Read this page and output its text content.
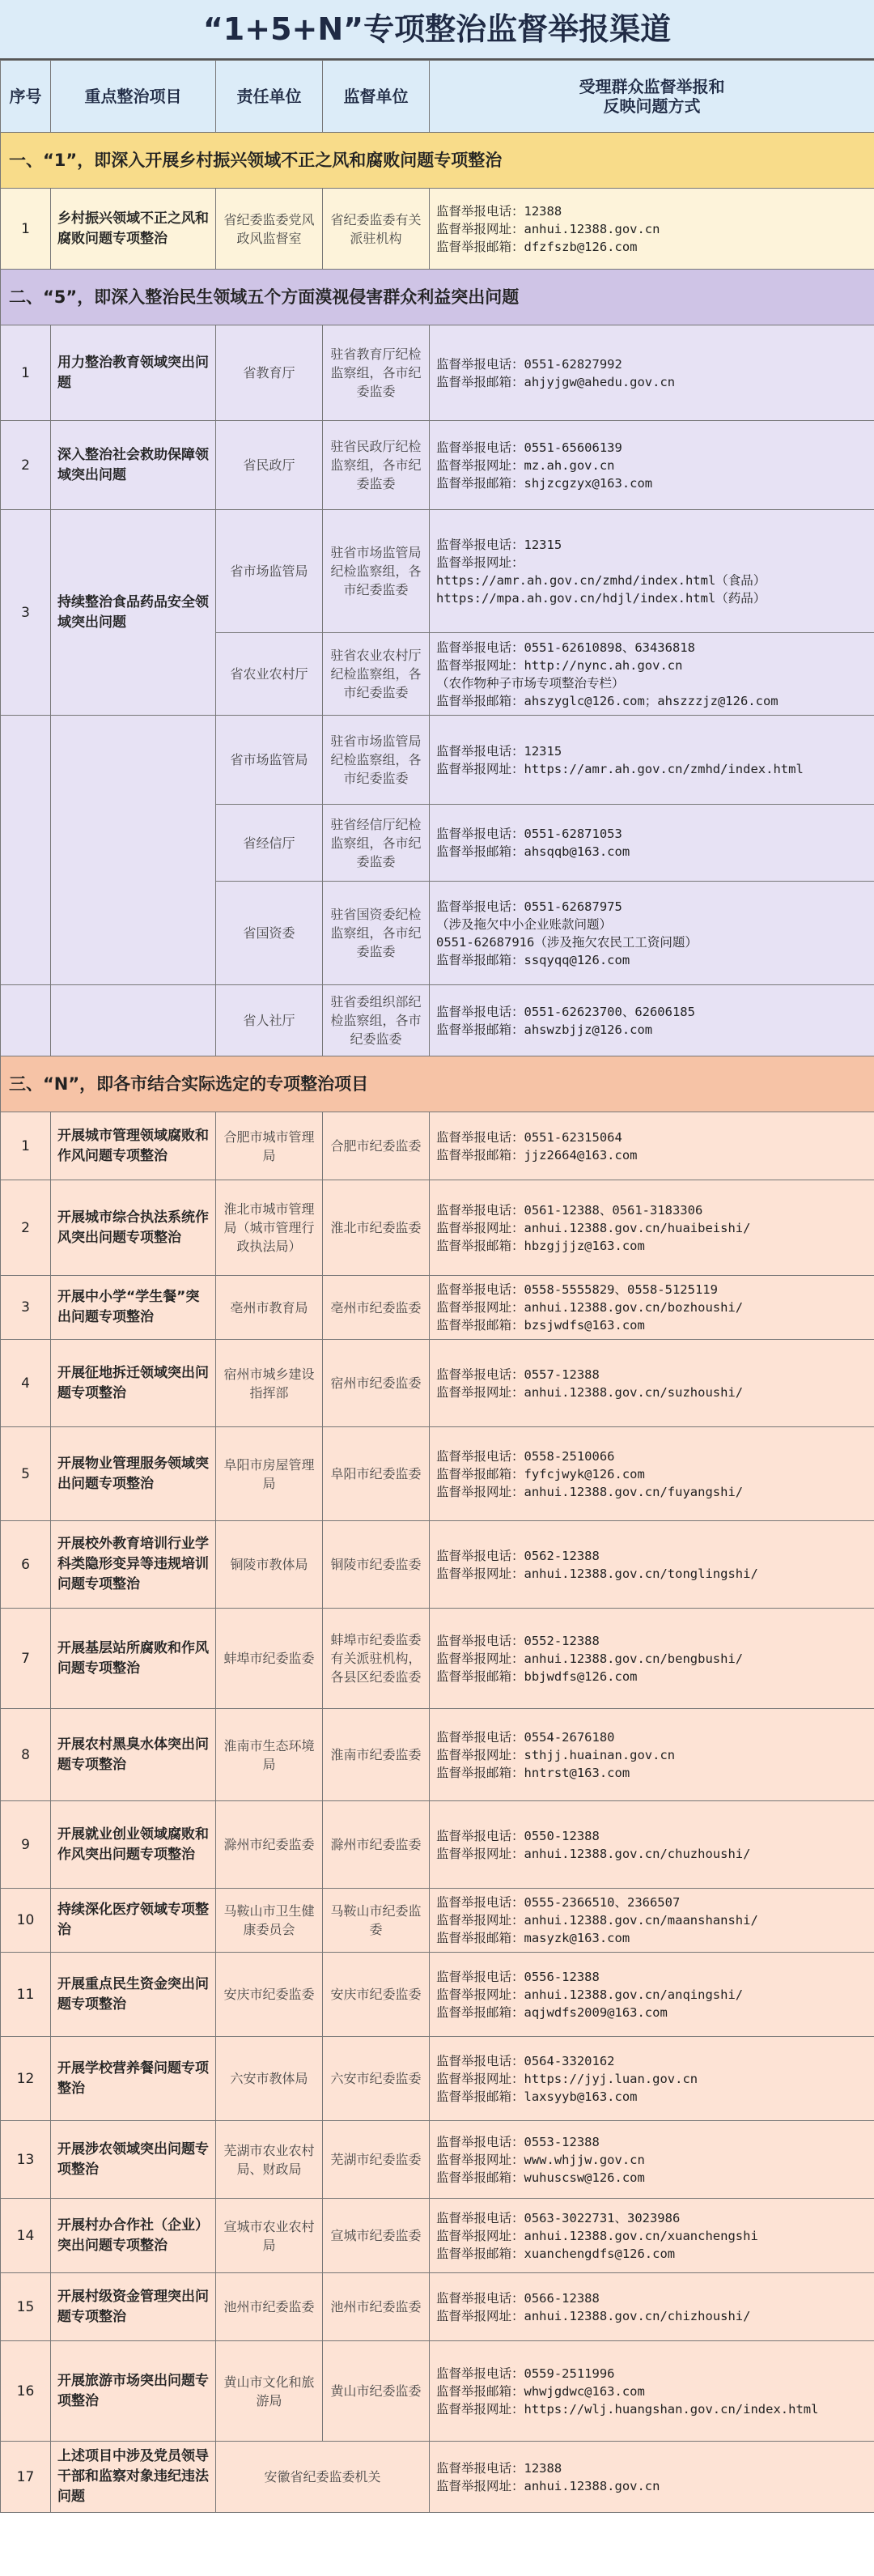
“1+5+N”专项整治监督举报渠道
序号	重点整治项目	责任单位	监督单位	受理群众监督举报和
反映问题方式
一、“1”，即深入开展乡村振兴领域不正之风和腐败问题专项整治				
1	乡村振兴领域不正之风和腐败问题专项整治	省纪委监委党风政风监督室	省纪委监委有关派驻机构	监督举报电话：12388
监督举报网址：anhui.12388.gov.cn
监督举报邮箱：dfzfszb@126.com

二、“5”，即深入整治民生领域五个方面漠视侵害群众利益突出问题				
1	用力整治教育领域突出问题	省教育厅	驻省教育厅纪检监察组，各市纪委监委	监督举报电话：0551-62827992
监督举报邮箱：ahjyjgw@ahedu.gov.cn

2	深入整治社会救助保障领域突出问题	省民政厅	驻省民政厅纪检监察组，各市纪委监委	监督举报电话：0551-65606139
监督举报网址：mz.ah.gov.cn
监督举报邮箱：shjzcgzyx@163.com

3	持续整治食品药品安全领域突出问题	省市场监管局	驻省市场监管局纪检监察组，各市纪委监委	监督举报电话：12315
监督举报网址：
https://amr.ah.gov.cn/zmhd/index.html（食品）
https://mpa.ah.gov.cn/hdjl/index.html（药品）

		省农业农村厅	驻省农业农村厅纪检监察组，各市纪委监委	监督举报电话：0551-62610898、63436818
监督举报网址：http://nync.ah.gov.cn
（农作物种子市场专项整治专栏）
监督举报邮箱：ahszyglc@126.com；ahszzzjz@126.com

		省市场监管局	驻省市场监管局纪检监察组，各市纪委监委	监督举报电话：12315
监督举报网址：https://amr.ah.gov.cn/zmhd/index.html

		省经信厅	驻省经信厅纪检监察组，各市纪委监委	监督举报电话：0551-62871053
监督举报邮箱：ahsqqb@163.com

		省国资委	驻省国资委纪检监察组，各市纪委监委	监督举报电话：0551-62687975
（涉及拖欠中小企业账款问题）
0551-62687916（涉及拖欠农民工工资问题）
监督举报邮箱：ssqyqq@126.com

		省人社厅	驻省委组织部纪检监察组，各市纪委监委	监督举报电话：0551-62623700、62606185
监督举报邮箱：ahswzbjjz@126.com

三、“N”，即各市结合实际选定的专项整治项目				
1	开展城市管理领域腐败和作风问题专项整治	合肥市城市管理局	合肥市纪委监委	监督举报电话：0551-62315064
监督举报邮箱：jjz2664@163.com

2	开展城市综合执法系统作风突出问题专项整治	淮北市城市管理局（城市管理行政执法局）	淮北市纪委监委	监督举报电话：0561-12388、0561-3183306
监督举报网址：anhui.12388.gov.cn/huaibeishi/
监督举报邮箱：hbzgjjjz@163.com

3	开展中小学“学生餐”突出问题专项整治	亳州市教育局	亳州市纪委监委	监督举报电话：0558-5555829、0558-5125119
监督举报网址：anhui.12388.gov.cn/bozhoushi/
监督举报邮箱：bzsjwdfs@163.com

4	开展征地拆迁领域突出问题专项整治	宿州市城乡建设指挥部	宿州市纪委监委	监督举报电话：0557-12388
监督举报网址：anhui.12388.gov.cn/suzhoushi/

5	开展物业管理服务领域突出问题专项整治	阜阳市房屋管理局	阜阳市纪委监委	监督举报电话：0558-2510066
监督举报邮箱：fyfcjwyk@126.com
监督举报网址：anhui.12388.gov.cn/fuyangshi/

6	开展校外教育培训行业学科类隐形变异等违规培训问题专项整治	铜陵市教体局	铜陵市纪委监委	监督举报电话：0562-12388
监督举报网址：anhui.12388.gov.cn/tonglingshi/

7	开展基层站所腐败和作风问题专项整治	蚌埠市纪委监委	蚌埠市纪委监委有关派驻机构，各县区纪委监委	监督举报电话：0552-12388
监督举报网址：anhui.12388.gov.cn/bengbushi/
监督举报邮箱：bbjwdfs@126.com

8	开展农村黑臭水体突出问题专项整治	淮南市生态环境局	淮南市纪委监委	监督举报电话：0554-2676180
监督举报网址：sthjj.huainan.gov.cn
监督举报邮箱：hntrst@163.com

9	开展就业创业领域腐败和作风突出问题专项整治	滁州市纪委监委	滁州市纪委监委	监督举报电话：0550-12388
监督举报网址：anhui.12388.gov.cn/chuzhoushi/

10	持续深化医疗领域专项整治	马鞍山市卫生健康委员会	马鞍山市纪委监委	监督举报电话：0555-2366510、2366507
监督举报网址：anhui.12388.gov.cn/maanshanshi/
监督举报邮箱：masyzk@163.com

11	开展重点民生资金突出问题专项整治	安庆市纪委监委	安庆市纪委监委	监督举报电话：0556-12388
监督举报网址：anhui.12388.gov.cn/anqingshi/
监督举报邮箱：aqjwdfs2009@163.com

12	开展学校营养餐问题专项整治	六安市教体局	六安市纪委监委	监督举报电话：0564-3320162
监督举报网址：https://jyj.luan.gov.cn
监督举报邮箱：laxsyyb@163.com

13	开展涉农领域突出问题专项整治	芜湖市农业农村局、财政局	芜湖市纪委监委	监督举报电话：0553-12388
监督举报网址：www.whjjw.gov.cn
监督举报邮箱：wuhuscsw@126.com

14	开展村办合作社（企业）突出问题专项整治	宣城市农业农村局	宣城市纪委监委	监督举报电话：0563-3022731、3023986
监督举报网址：anhui.12388.gov.cn/xuanchengshi
监督举报邮箱：xuanchengdfs@126.com

15	开展村级资金管理突出问题专项整治	池州市纪委监委	池州市纪委监委	监督举报电话：0566-12388
监督举报网址：anhui.12388.gov.cn/chizhoushi/

16	开展旅游市场突出问题专项整治	黄山市文化和旅游局	黄山市纪委监委	监督举报电话：0559-2511996
监督举报邮箱：whwjgdwc@163.com
监督举报网址：https://wlj.huangshan.gov.cn/index.html

17	上述项目中涉及党员领导干部和监察对象违纪违法问题	安徽省纪委监委机关		监督举报电话：12388
监督举报网址：anhui.12388.gov.cn
